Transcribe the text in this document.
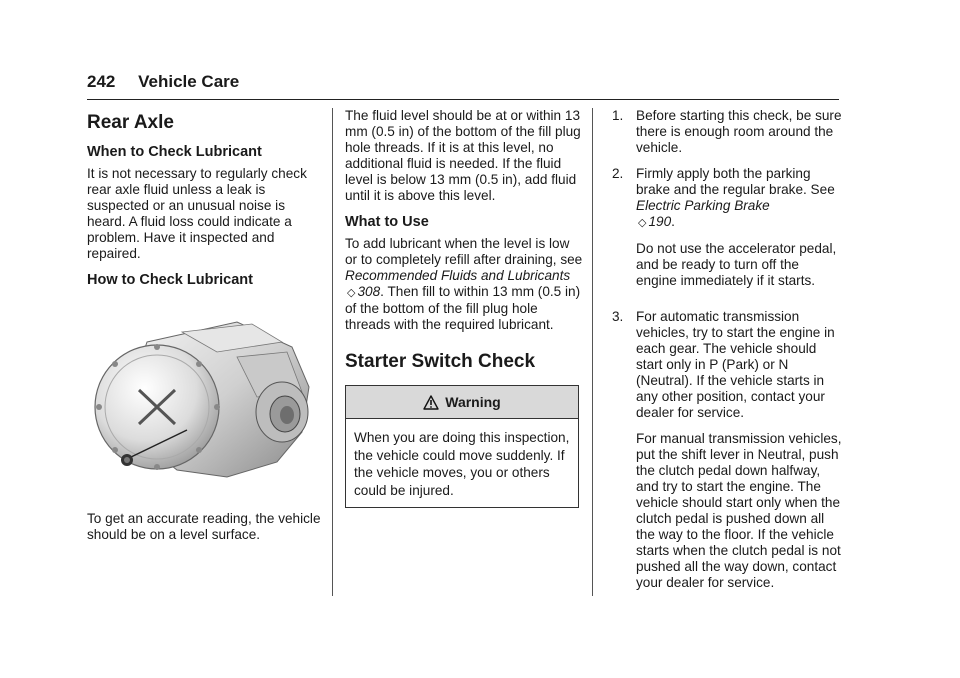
242 Vehicle Care
Rear Axle
When to Check Lubricant

It is not necessary to regularly check rear axle fluid unless a leak is suspected or an unusual noise is heard. A fluid loss could indicate a problem. Have it inspected and repaired.

How to Check Lubricant

To get an accurate reading, the vehicle should be on a level surface.

The fluid level should be at or within 13 mm (0.5 in) of the bottom of the fill plug hole threads. If it is at this level, no additional fluid is needed. If the fluid level is below 13 mm (0.5 in), add fluid until it is above this level.

What to Use

To add lubricant when the level is low or to completely refill after draining, see Recommended Fluids and Lubricants ◇ 308. Then fill to within 13 mm (0.5 in) of the bottom of the fill plug hole threads with the required lubricant.

Starter Switch Check
Warning
When you are doing this inspection, the vehicle could move suddenly. If the vehicle moves, you or others could be injured.
1. Before starting this check, be sure there is enough room around the vehicle.
2. Firmly apply both the parking brake and the regular brake. See Electric Parking Brake
◇ 190.

Do not use the accelerator pedal, and be ready to turn off the engine immediately if it starts.

3. For automatic transmission vehicles, try to start the engine in each gear. The vehicle should start only in P (Park) or N (Neutral). If the vehicle starts in any other position, contact your dealer for service.

For manual transmission vehicles, put the shift lever in Neutral, push the clutch pedal down halfway, and try to start the engine. The vehicle should start only when the clutch pedal is pushed down all the way to the floor. If the vehicle starts when the clutch pedal is not pushed all the way down, contact your dealer for service.
